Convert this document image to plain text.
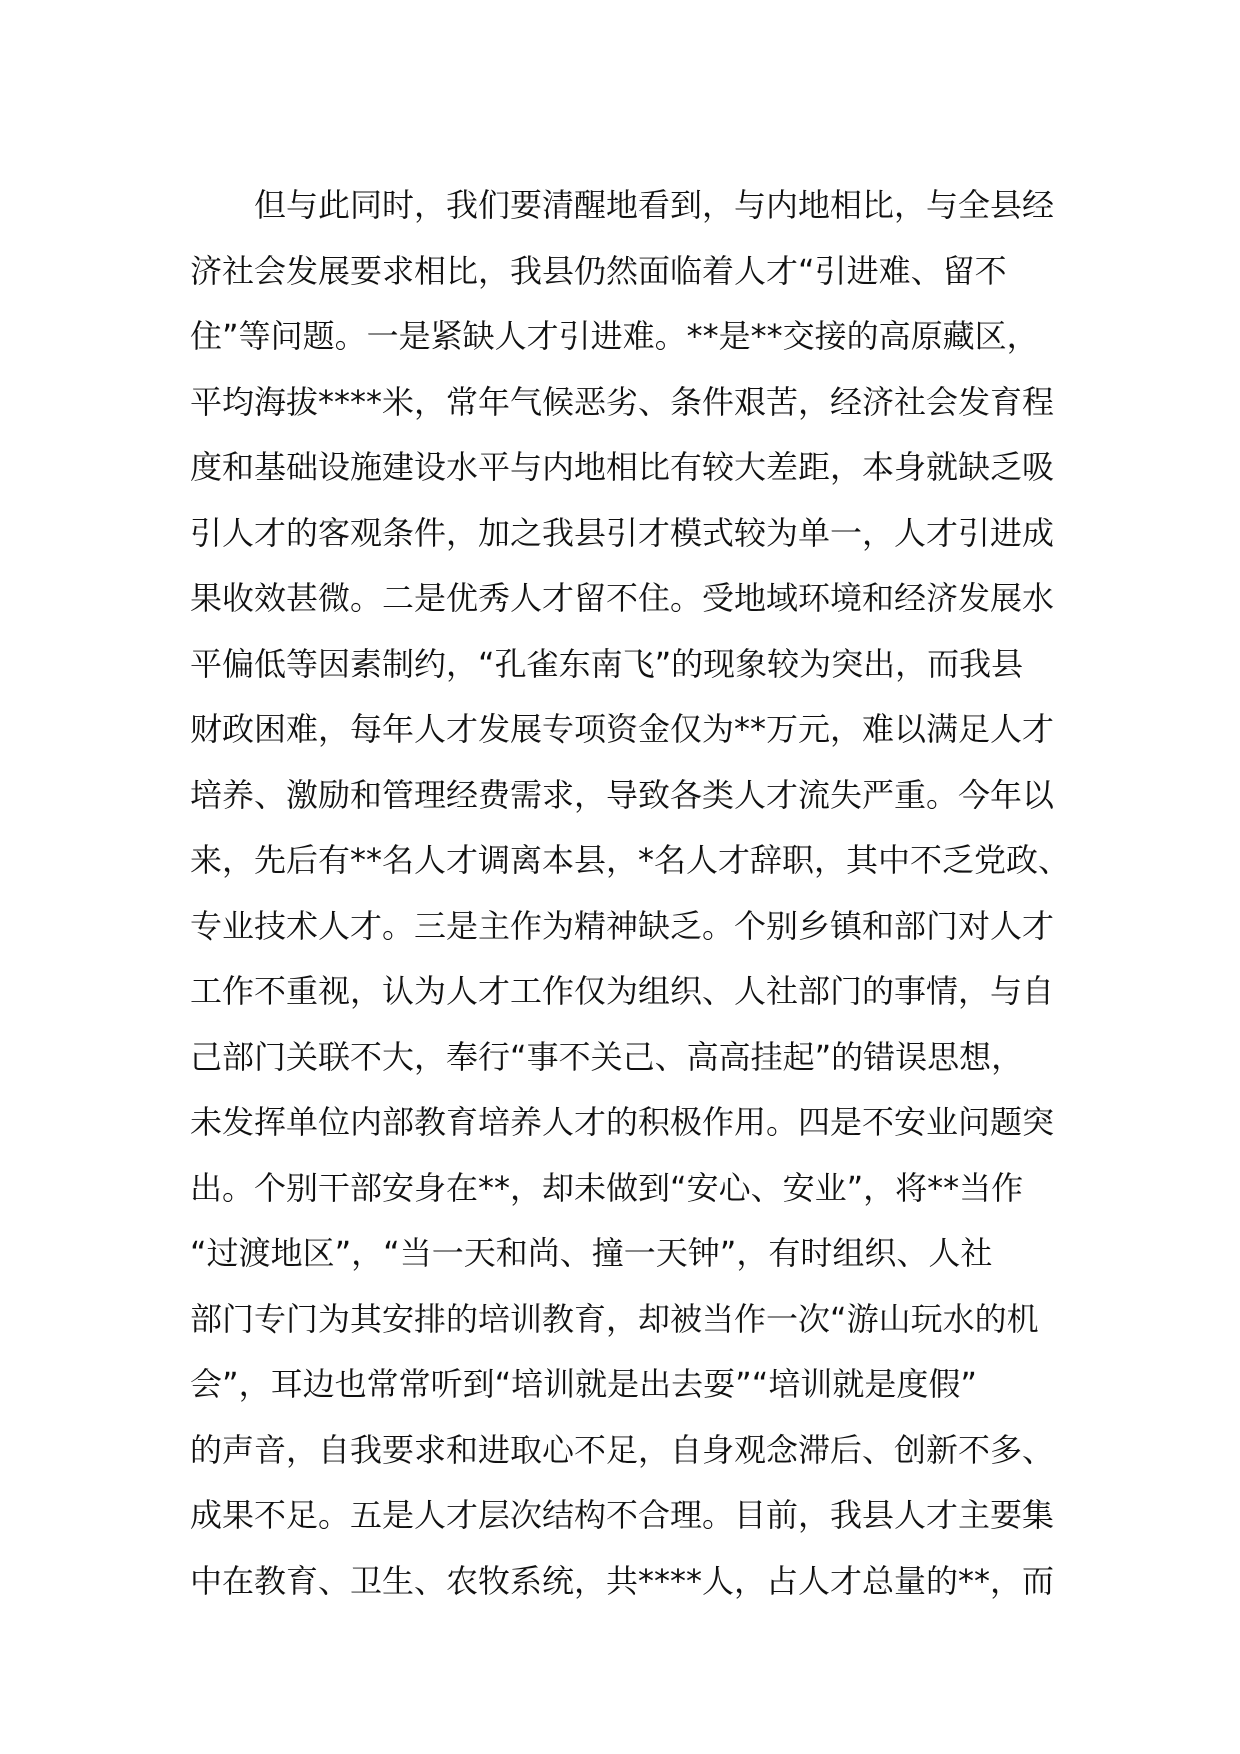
　　但与此同时，我们要清醒地看到，与内地相比，与全县经
济社会发展要求相比，我县仍然面临着人才“引进难、留不
住”等问题。一是紧缺人才引进难。**是**交接的高原藏区，
平均海拔****米，常年气候恶劣、条件艰苦，经济社会发育程
度和基础设施建设水平与内地相比有较大差距，本身就缺乏吸
引人才的客观条件，加之我县引才模式较为单一，人才引进成
果收效甚微。二是优秀人才留不住。受地域环境和经济发展水
平偏低等因素制约，“孔雀东南飞”的现象较为突出，而我县
财政困难，每年人才发展专项资金仅为**万元，难以满足人才
培养、激励和管理经费需求，导致各类人才流失严重。今年以
来，先后有**名人才调离本县，*名人才辞职，其中不乏党政、
专业技术人才。三是主作为精神缺乏。个别乡镇和部门对人才
工作不重视，认为人才工作仅为组织、人社部门的事情，与自
己部门关联不大，奉行“事不关己、高高挂起”的错误思想，
未发挥单位内部教育培养人才的积极作用。四是不安业问题突
出。个别干部安身在**，却未做到“安心、安业”，将**当作
“过渡地区”，“当一天和尚、撞一天钟”，有时组织、人社
部门专门为其安排的培训教育，却被当作一次“游山玩水的机
会”，耳边也常常听到“培训就是出去耍”“培训就是度假”
的声音，自我要求和进取心不足，自身观念滞后、创新不多、
成果不足。五是人才层次结构不合理。目前，我县人才主要集
中在教育、卫生、农牧系统，共****人，占人才总量的**，而
